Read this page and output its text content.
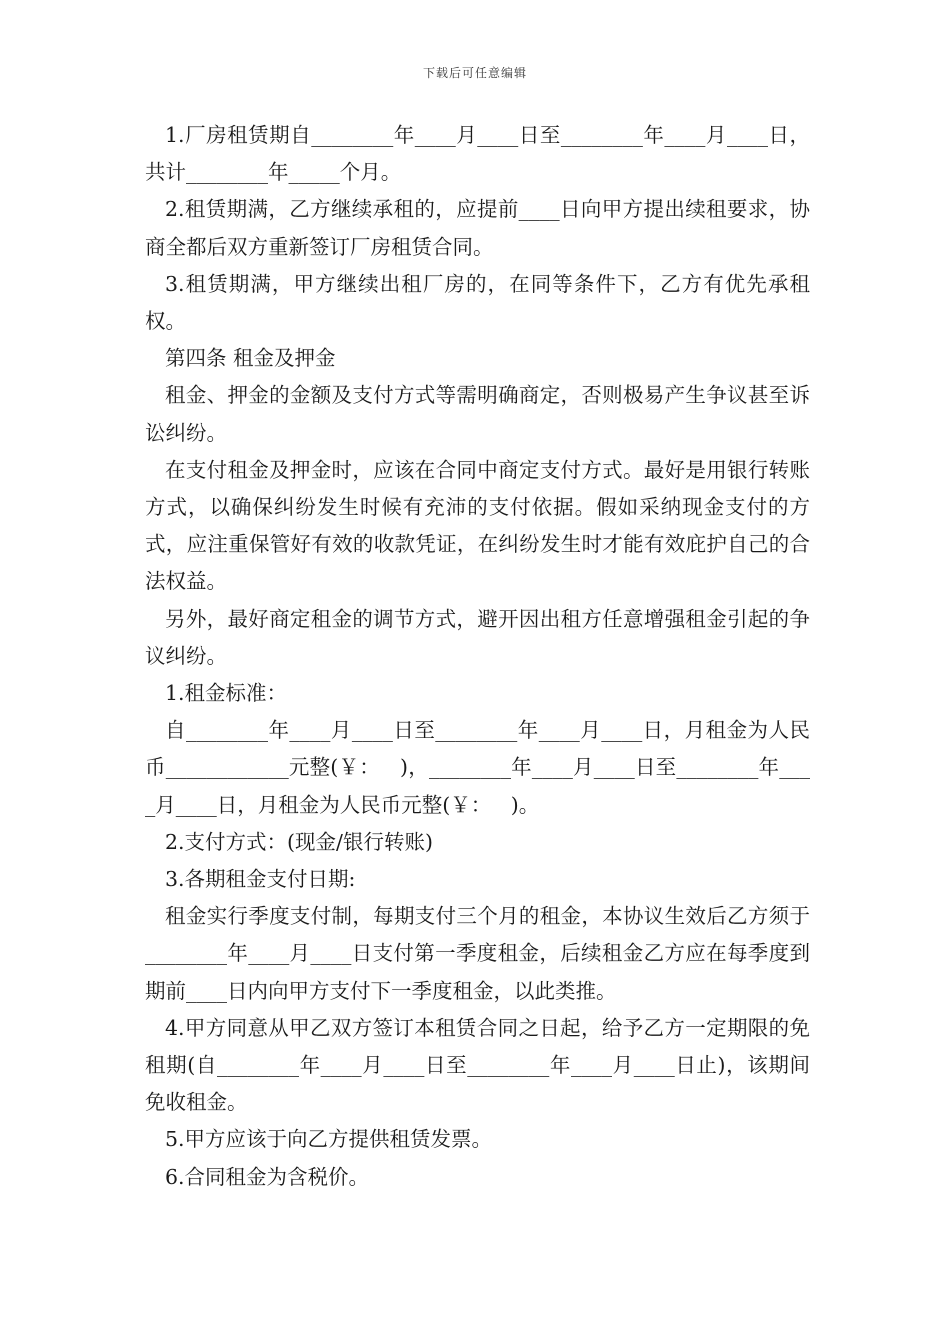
下载后可任意编辑

1.厂房租赁期自________年____月____日至________年____月____日，共计________年_____个月。

2.租赁期满，乙方继续承租的，应提前____日向甲方提出续租要求，协商全都后双方重新签订厂房租赁合同。

3.租赁期满，甲方继续出租厂房的，在同等条件下，乙方有优先承租权。

第四条 租金及押金

租金、押金的金额及支付方式等需明确商定，否则极易产生争议甚至诉讼纠纷。

在支付租金及押金时，应该在合同中商定支付方式。最好是用银行转账方式，以确保纠纷发生时候有充沛的支付依据。假如采纳现金支付的方式，应注重保管好有效的收款凭证，在纠纷发生时才能有效庇护自己的合法权益。

另外，最好商定租金的调节方式，避开因出租方任意增强租金引起的争议纠纷。

1.租金标准：

自________年____月____日至________年____月____日，月租金为人民币____________元整(￥：   )，________年____月____日至________年____月____日，月租金为人民币元整(￥：   )。

2.支付方式：(现金/银行转账)

3.各期租金支付日期:

租金实行季度支付制，每期支付三个月的租金，本协议生效后乙方须于________年____月____日支付第一季度租金，后续租金乙方应在每季度到期前____日内向甲方支付下一季度租金，以此类推。

4.甲方同意从甲乙双方签订本租赁合同之日起，给予乙方一定期限的免租期(自________年____月____日至________年____月____日止)，该期间免收租金。

5.甲方应该于向乙方提供租赁发票。

6.合同租金为含税价。
